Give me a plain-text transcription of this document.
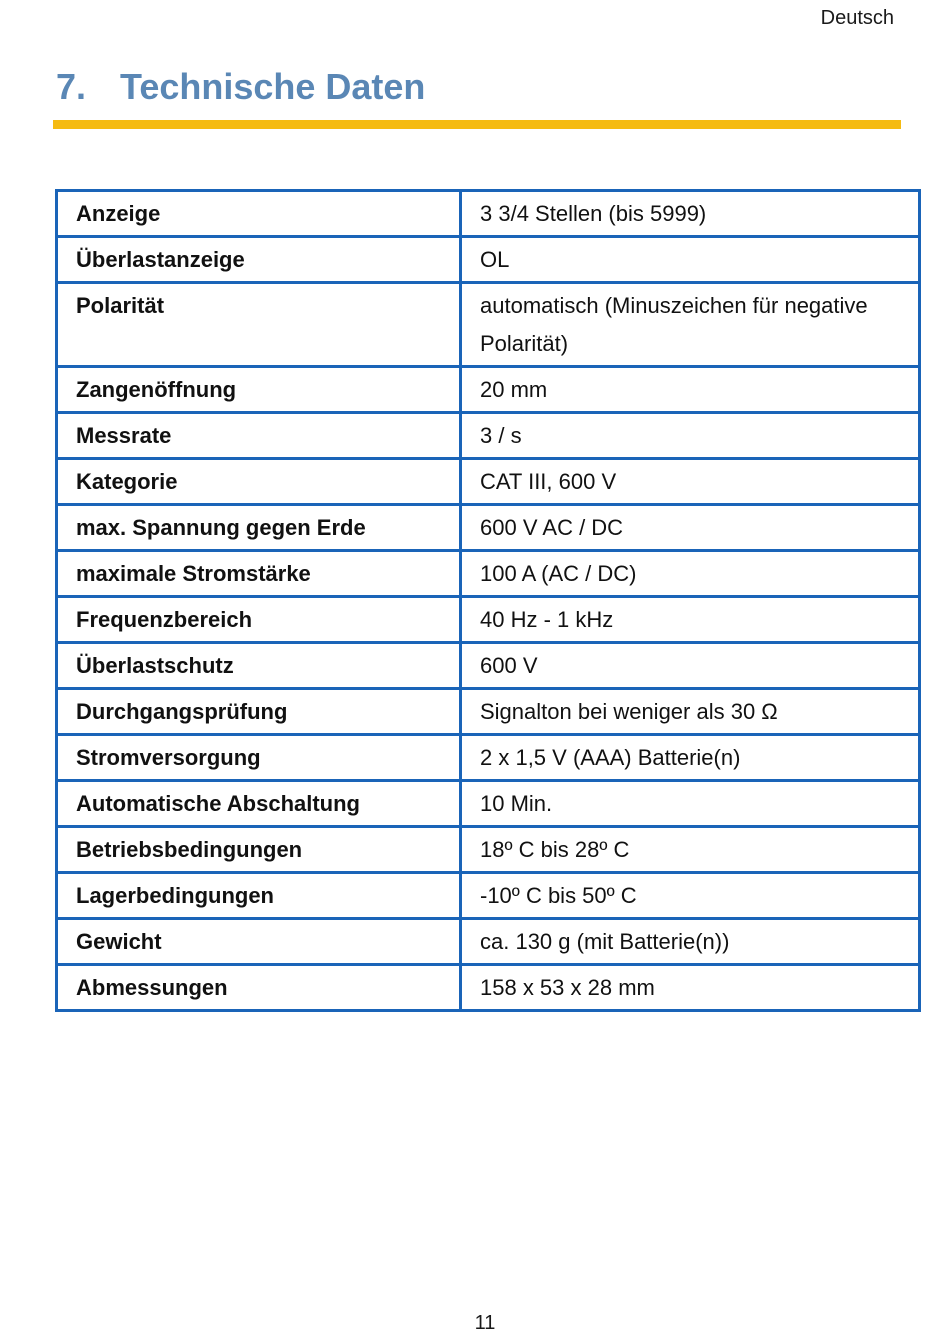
Deutsch
7. Technische Daten
Anzeige	3 3/4 Stellen (bis 5999)
Überlastanzeige	OL
Polarität	automatisch (Minuszeichen für negative Polarität)
Zangenöffnung	20 mm
Messrate	3 / s
Kategorie	CAT III, 600 V
max. Spannung gegen Erde	600 V AC / DC
maximale Stromstärke	100 A (AC / DC)
Frequenzbereich	40 Hz - 1 kHz
Überlastschutz	600 V
Durchgangsprüfung	Signalton bei weniger als 30 Ω
Stromversorgung	2 x 1,5 V (AAA) Batterie(n)
Automatische Abschaltung	10 Min.
Betriebsbedingungen	18º C bis 28º C
Lagerbedingungen	-10º C bis 50º C
Gewicht	ca. 130 g (mit Batterie(n))
Abmessungen	158 x 53 x 28 mm
11
